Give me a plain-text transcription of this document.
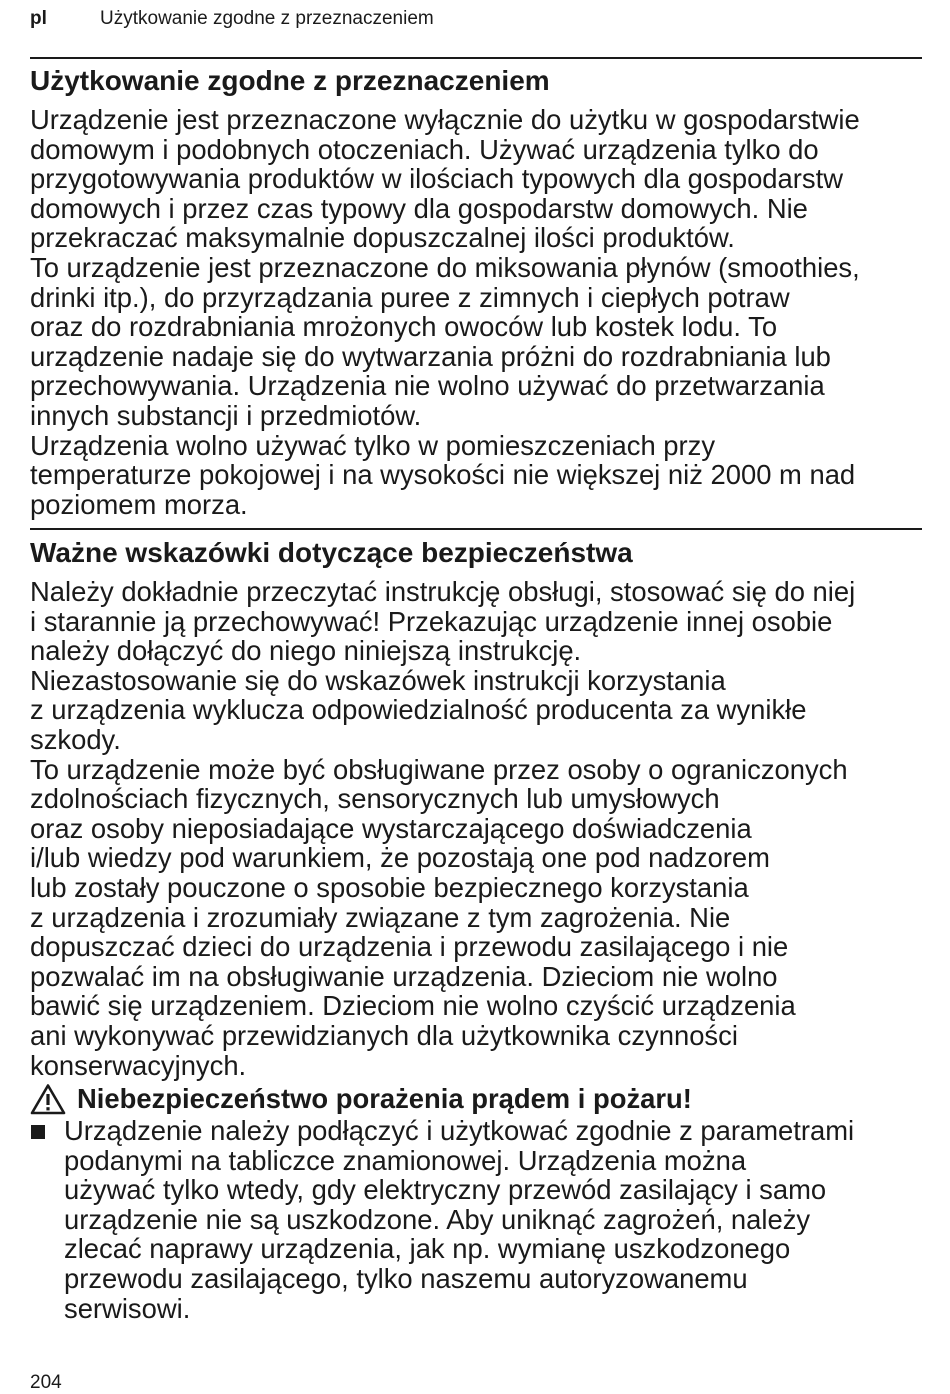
pl	Użytkowanie zgodne z przeznaczeniem
Użytkowanie zgodne z przeznaczeniem

Urządzenie jest przeznaczone wyłącznie do użytku w gospodarstwie
domowym i podobnych otoczeniach. Używać urządzenia tylko do
przygotowywania produktów w ilościach typowych dla gospodarstw
domowych i przez czas typowy dla gospodarstw domowych. Nie
przekraczać maksymalnie dopuszczalnej ilości produktów.
To urządzenie jest przeznaczone do miksowania płynów (smoothies,
drinki itp.), do przyrządzania puree z zimnych i ciepłych potraw
oraz do rozdrabniania mrożonych owoców lub kostek lodu. To
urządzenie nadaje się do wytwarzania próżni do rozdrabniania lub
przechowywania. Urządzenia nie wolno używać do przetwarzania
innych substancji i przedmiotów.
Urządzenia wolno używać tylko w pomieszczeniach przy
temperaturze pokojowej i na wysokości nie większej niż 2000 m nad
poziomem morza.

Ważne wskazówki dotyczące bezpieczeństwa

Należy dokładnie przeczytać instrukcję obsługi, stosować się do niej
i starannie ją przechowywać! Przekazując urządzenie innej osobie
należy dołączyć do niego niniejszą instrukcję.
Niezastosowanie się do wskazówek instrukcji korzystania
z urządzenia wyklucza odpowiedzialność producenta za wynikłe
szkody.
To urządzenie może być obsługiwane przez osoby o ograniczonych
zdolnościach fizycznych, sensorycznych lub umysłowych
oraz osoby nieposiadające wystarczającego doświadczenia
i/lub wiedzy pod warunkiem, że pozostają one pod nadzorem
lub zostały pouczone o sposobie bezpiecznego korzystania
z urządzenia i zrozumiały związane z tym zagrożenia. Nie
dopuszczać dzieci do urządzenia i przewodu zasilającego i nie
pozwalać im na obsługiwanie urządzenia. Dzieciom nie wolno
bawić się urządzeniem. Dzieciom nie wolno czyścić urządzenia
ani wykonywać przewidzianych dla użytkownika czynności
konserwacyjnych.

Niebezpieczeństwo porażenia prądem i pożaru!

Urządzenie należy podłączyć i użytkować zgodnie z parametrami
podanymi na tabliczce znamionowej. Urządzenia można
używać tylko wtedy, gdy elektryczny przewód zasilający i samo
urządzenie nie są uszkodzone. Aby uniknąć zagrożeń, należy
zlecać naprawy urządzenia, jak np. wymianę uszkodzonego
przewodu zasilającego, tylko naszemu autoryzowanemu
serwisowi.

204
